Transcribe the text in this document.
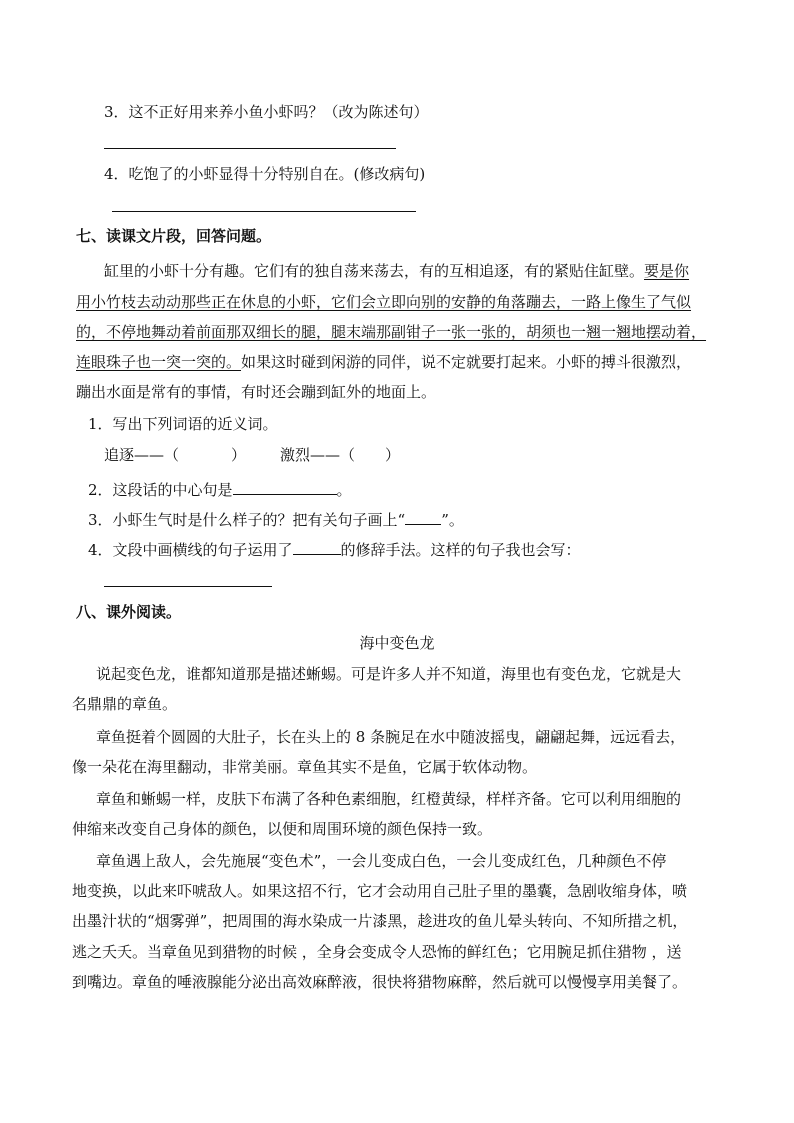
3．这不正好用来养小鱼小虾吗？（改为陈述句）
4．吃饱了的小虾显得十分特别自在。(修改病句)
七、读课文片段，回答问题。
缸里的小虾十分有趣。它们有的独自荡来荡去，有的互相追逐，有的紧贴住缸壁。要是你
用小竹枝去动动那些正在休息的小虾，它们会立即向别的安静的角落蹦去，一路上像生了气似
的，不停地舞动着前面那双细长的腿，腿末端那副钳子一张一张的，胡须也一翘一翘地摆动着，
连眼珠子也一突一突的。如果这时碰到闲游的同伴，说不定就要打起来。小虾的搏斗很激烈，
蹦出水面是常有的事情，有时还会蹦到缸外的地面上。
1．写出下列词语的近义词。
追逐——（	） 激烈——（ ）
2．这段话的中心句是	。
3．小虾生气时是什么样子的？把有关句子画上“ ”。
4．文段中画横线的句子运用了	的修辞手法。这样的句子我也会写：
八、课外阅读。
海中变色龙
说起变色龙，谁都知道那是描述蜥蜴。可是许多人并不知道，海里也有变色龙，它就是大
名鼎鼎的章鱼。
章鱼挺着个圆圆的大肚子，长在头上的 8 条腕足在水中随波摇曳，翩翩起舞，远远看去，
像一朵花在海里翻动，非常美丽。章鱼其实不是鱼，它属于软体动物。
章鱼和蜥蜴一样，皮肤下布满了各种色素细胞，红橙黄绿，样样齐备。它可以利用细胞的
伸缩来改变自己身体的颜色，以便和周围环境的颜色保持一致。
章鱼遇上敌人，会先施展“变色术”，一会儿变成白色，一会儿变成红色，几种颜色不停
地变换，以此来吓唬敌人。如果这招不行，它才会动用自己肚子里的墨囊，急剧收缩身体，喷
出墨汁状的“烟雾弹”，把周围的海水染成一片漆黑，趁进攻的鱼儿晕头转向、不知所措之机，
逃之夭夭。当章鱼见到猎物的时候 ，全身会变成令人恐怖的鲜红色；它用腕足抓住猎物 ，送
到嘴边。章鱼的唾液腺能分泌出高效麻醉液，很快将猎物麻醉，然后就可以慢慢享用美餐了。
